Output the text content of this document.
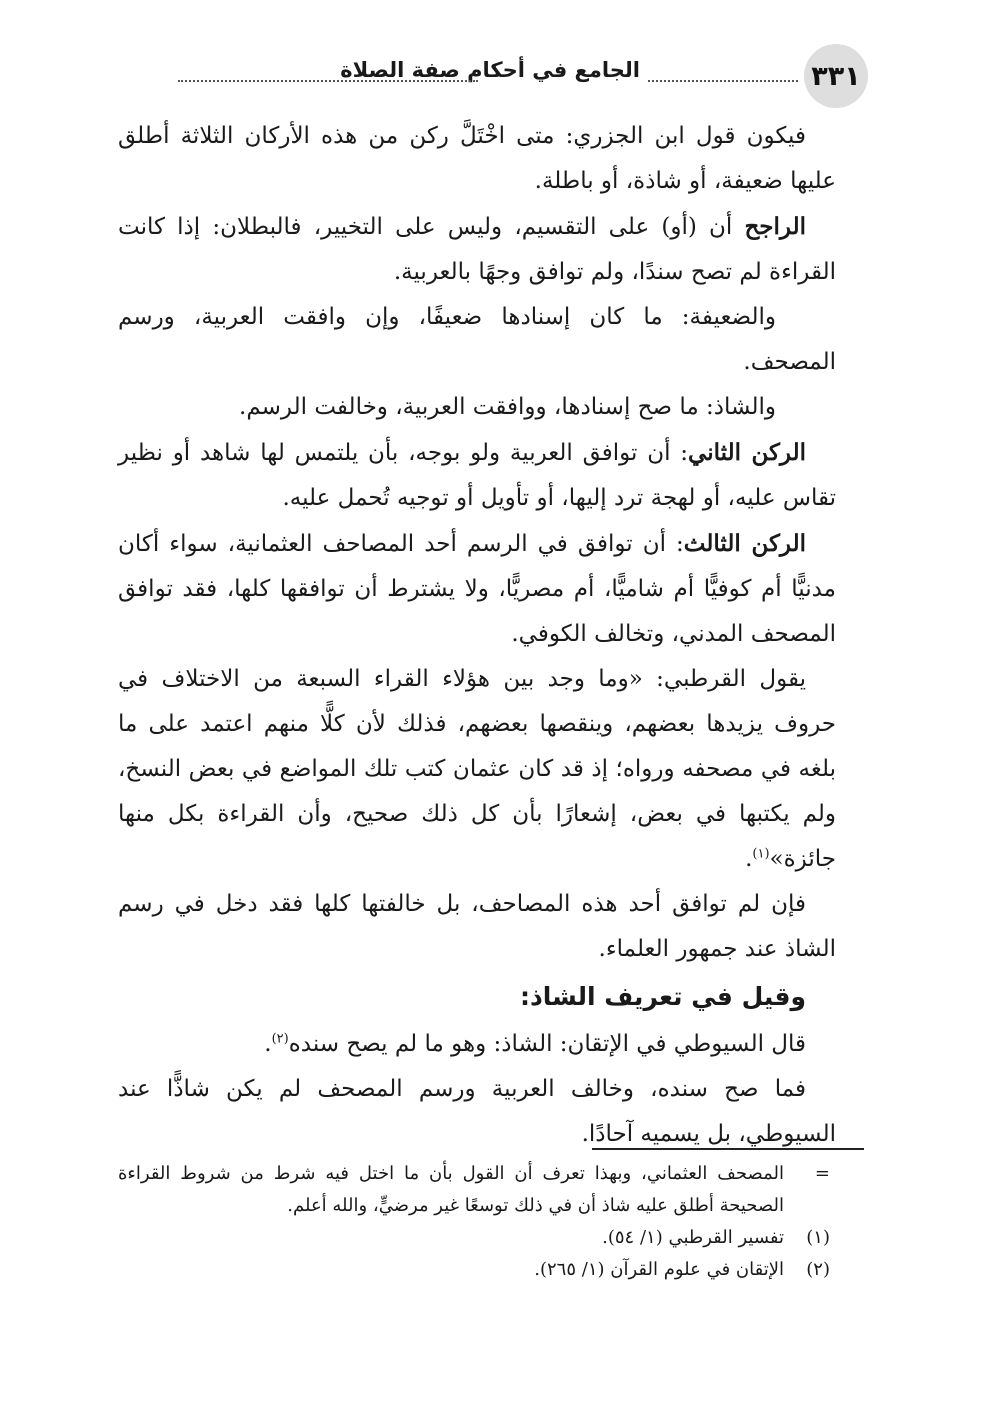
٣٣١
الجامع في أحكام صفة الصلاة

فيكون قول ابن الجزري: متى اخْتَلَّ ركن من هذه الأركان الثلاثة أطلق عليها ضعيفة، أو شاذة، أو باطلة.

الراجح أن (أو) على التقسيم، وليس على التخيير، فالبطلان: إذا كانت القراءة لم تصح سندًا، ولم توافق وجهًا بالعربية.

والضعيفة: ما كان إسنادها ضعيفًا، وإن وافقت العربية، ورسم المصحف.

والشاذ: ما صح إسنادها، ووافقت العربية، وخالفت الرسم.

الركن الثاني: أن توافق العربية ولو بوجه، بأن يلتمس لها شاهد أو نظير تقاس عليه، أو لهجة ترد إليها، أو تأويل أو توجيه تُحمل عليه.

الركن الثالث: أن توافق في الرسم أحد المصاحف العثمانية، سواء أكان مدنيًّا أم كوفيًّا أم شاميًّا، أم مصريًّا، ولا يشترط أن توافقها كلها، فقد توافق المصحف المدني، وتخالف الكوفي.

يقول القرطبي: «وما وجد بين هؤلاء القراء السبعة من الاختلاف في حروف يزيدها بعضهم، وينقصها بعضهم، فذلك لأن كلًّا منهم اعتمد على ما بلغه في مصحفه ورواه؛ إذ قد كان عثمان كتب تلك المواضع في بعض النسخ، ولم يكتبها في بعض، إشعارًا بأن كل ذلك صحيح، وأن القراءة بكل منها جائزة»$^{(١)}$.

فإن لم توافق أحد هذه المصاحف، بل خالفتها كلها فقد دخل في رسم الشاذ عند جمهور العلماء.

وقيل في تعريف الشاذ:

قال السيوطي في الإتقان: الشاذ: وهو ما لم يصح سنده$^{(٢)}$.

فما صح سنده، وخالف العربية ورسم المصحف لم يكن شاذًّا عند السيوطي، بل يسميه آحادًا.

=
المصحف العثماني، وبهذا تعرف أن القول بأن ما اختل فيه شرط من شروط القراءة الصحيحة أطلق عليه شاذ أن في ذلك توسعًا غير مرضيٍّ، والله أعلم.

(١)
تفسير القرطبي (١/ ٥٤).

(٢)
الإتقان في علوم القرآن (١/ ٢٦٥).
